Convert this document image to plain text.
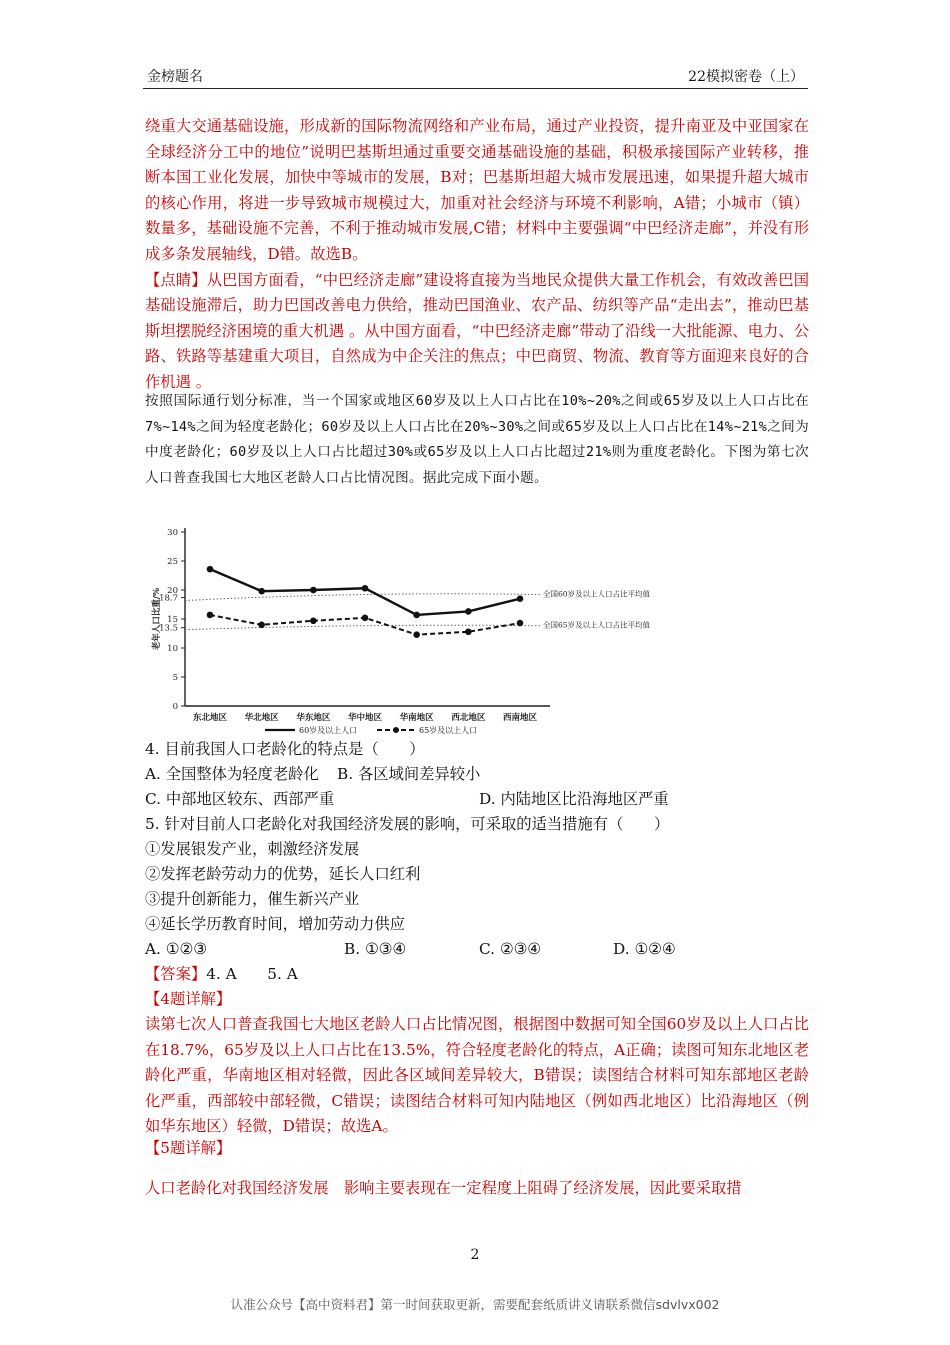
金榜题名	22模拟密卷（上）

绕重大交通基础设施，形成新的国际物流网络和产业布局，通过产业投资，提升南亚及中亚国家在全球经济分工中的地位”说明巴基斯坦通过重要交通基础设施的基础，积极承接国际产业转移，推断本国工业化发展，加快中等城市的发展，B对；巴基斯坦超大城市发展迅速，如果提升超大城市的核心作用，将进一步导致城市规模过大，加重对社会经济与环境不利影响，A错；小城市（镇）数量多，基础设施不完善，不利于推动城市发展,C错；材料中主要强调“中巴经济走廊”，并没有形成多条发展轴线，D错。故选B。

【点睛】从巴国方面看，“中巴经济走廊”建设将直接为当地民众提供大量工作机会，有效改善巴国基础设施滞后，助力巴国改善电力供给，推动巴国渔业、农产品、纺织等产品“走出去”，推动巴基斯坦摆脱经济困境的重大机遇 。从中国方面看，“中巴经济走廊”带动了沿线一大批能源、电力、公路、铁路等基建重大项目，自然成为中企关注的焦点；中巴商贸、物流、教育等方面迎来良好的合作机遇 。

按照国际通行划分标准，当一个国家或地区60岁及以上人口占比在10%~20%之间或65岁及以上人口占比在7%~14%之间为轻度老龄化；60岁及以上人口占比在20%~30%之间或65岁及以上人口占比在14%~21%之间为中度老龄化；60岁及以上人口占比超过30%或65岁及以上人口占比超过21%则为重度老龄化。下图为第七次人口普查我国七大地区老龄人口占比情况图。据此完成下面小题。

0
5
10
13.5
15
18.7
20
25
30
老年人口比重/%
东北地区 华北地区 华东地区 华中地区 华南地区 西北地区 西南地区
全国60岁及以上人口占比平均值
全国65岁及以上人口占比平均值
60岁及以上人口	65岁及以上人口

4. 目前我国人口老龄化的特点是（　　）

A. 全国整体为轻度老龄化 B. 各区域间差异较小
C. 中部地区较东、西部严重	D. 内陆地区比沿海地区严重

5. 针对目前人口老龄化对我国经济发展的影响，可采取的适当措施有（　　）

①发展银发产业，刺激经济发展

②发挥老龄劳动力的优势，延长人口红利

③提升创新能力，催生新兴产业

④延长学历教育时间，增加劳动力供应

A. ①②③	B. ①③④	C. ②③④	D. ①②④

【答案】4. A　　5. A

【4题详解】

读第七次人口普查我国七大地区老龄人口占比情况图，根据图中数据可知全国60岁及以上人口占比在18.7%，65岁及以上人口占比在13.5%，符合轻度老龄化的特点，A正确；读图可知东北地区老龄化严重，华南地区相对轻微，因此各区域间差异较大，B错误；读图结合材料可知东部地区老龄化严重，西部较中部轻微，C错误；读图结合材料可知内陆地区（例如西北地区）比沿海地区（例如华东地区）轻微，D错误；故选A。

【5题详解】

人口老龄化对我国经济发展　影响主要表现在一定程度上阻碍了经济发展，因此要采取措

2
认准公众号【高中资料君】第一时间获取更新，需要配套纸质讲义请联系微信sdvlvx002
